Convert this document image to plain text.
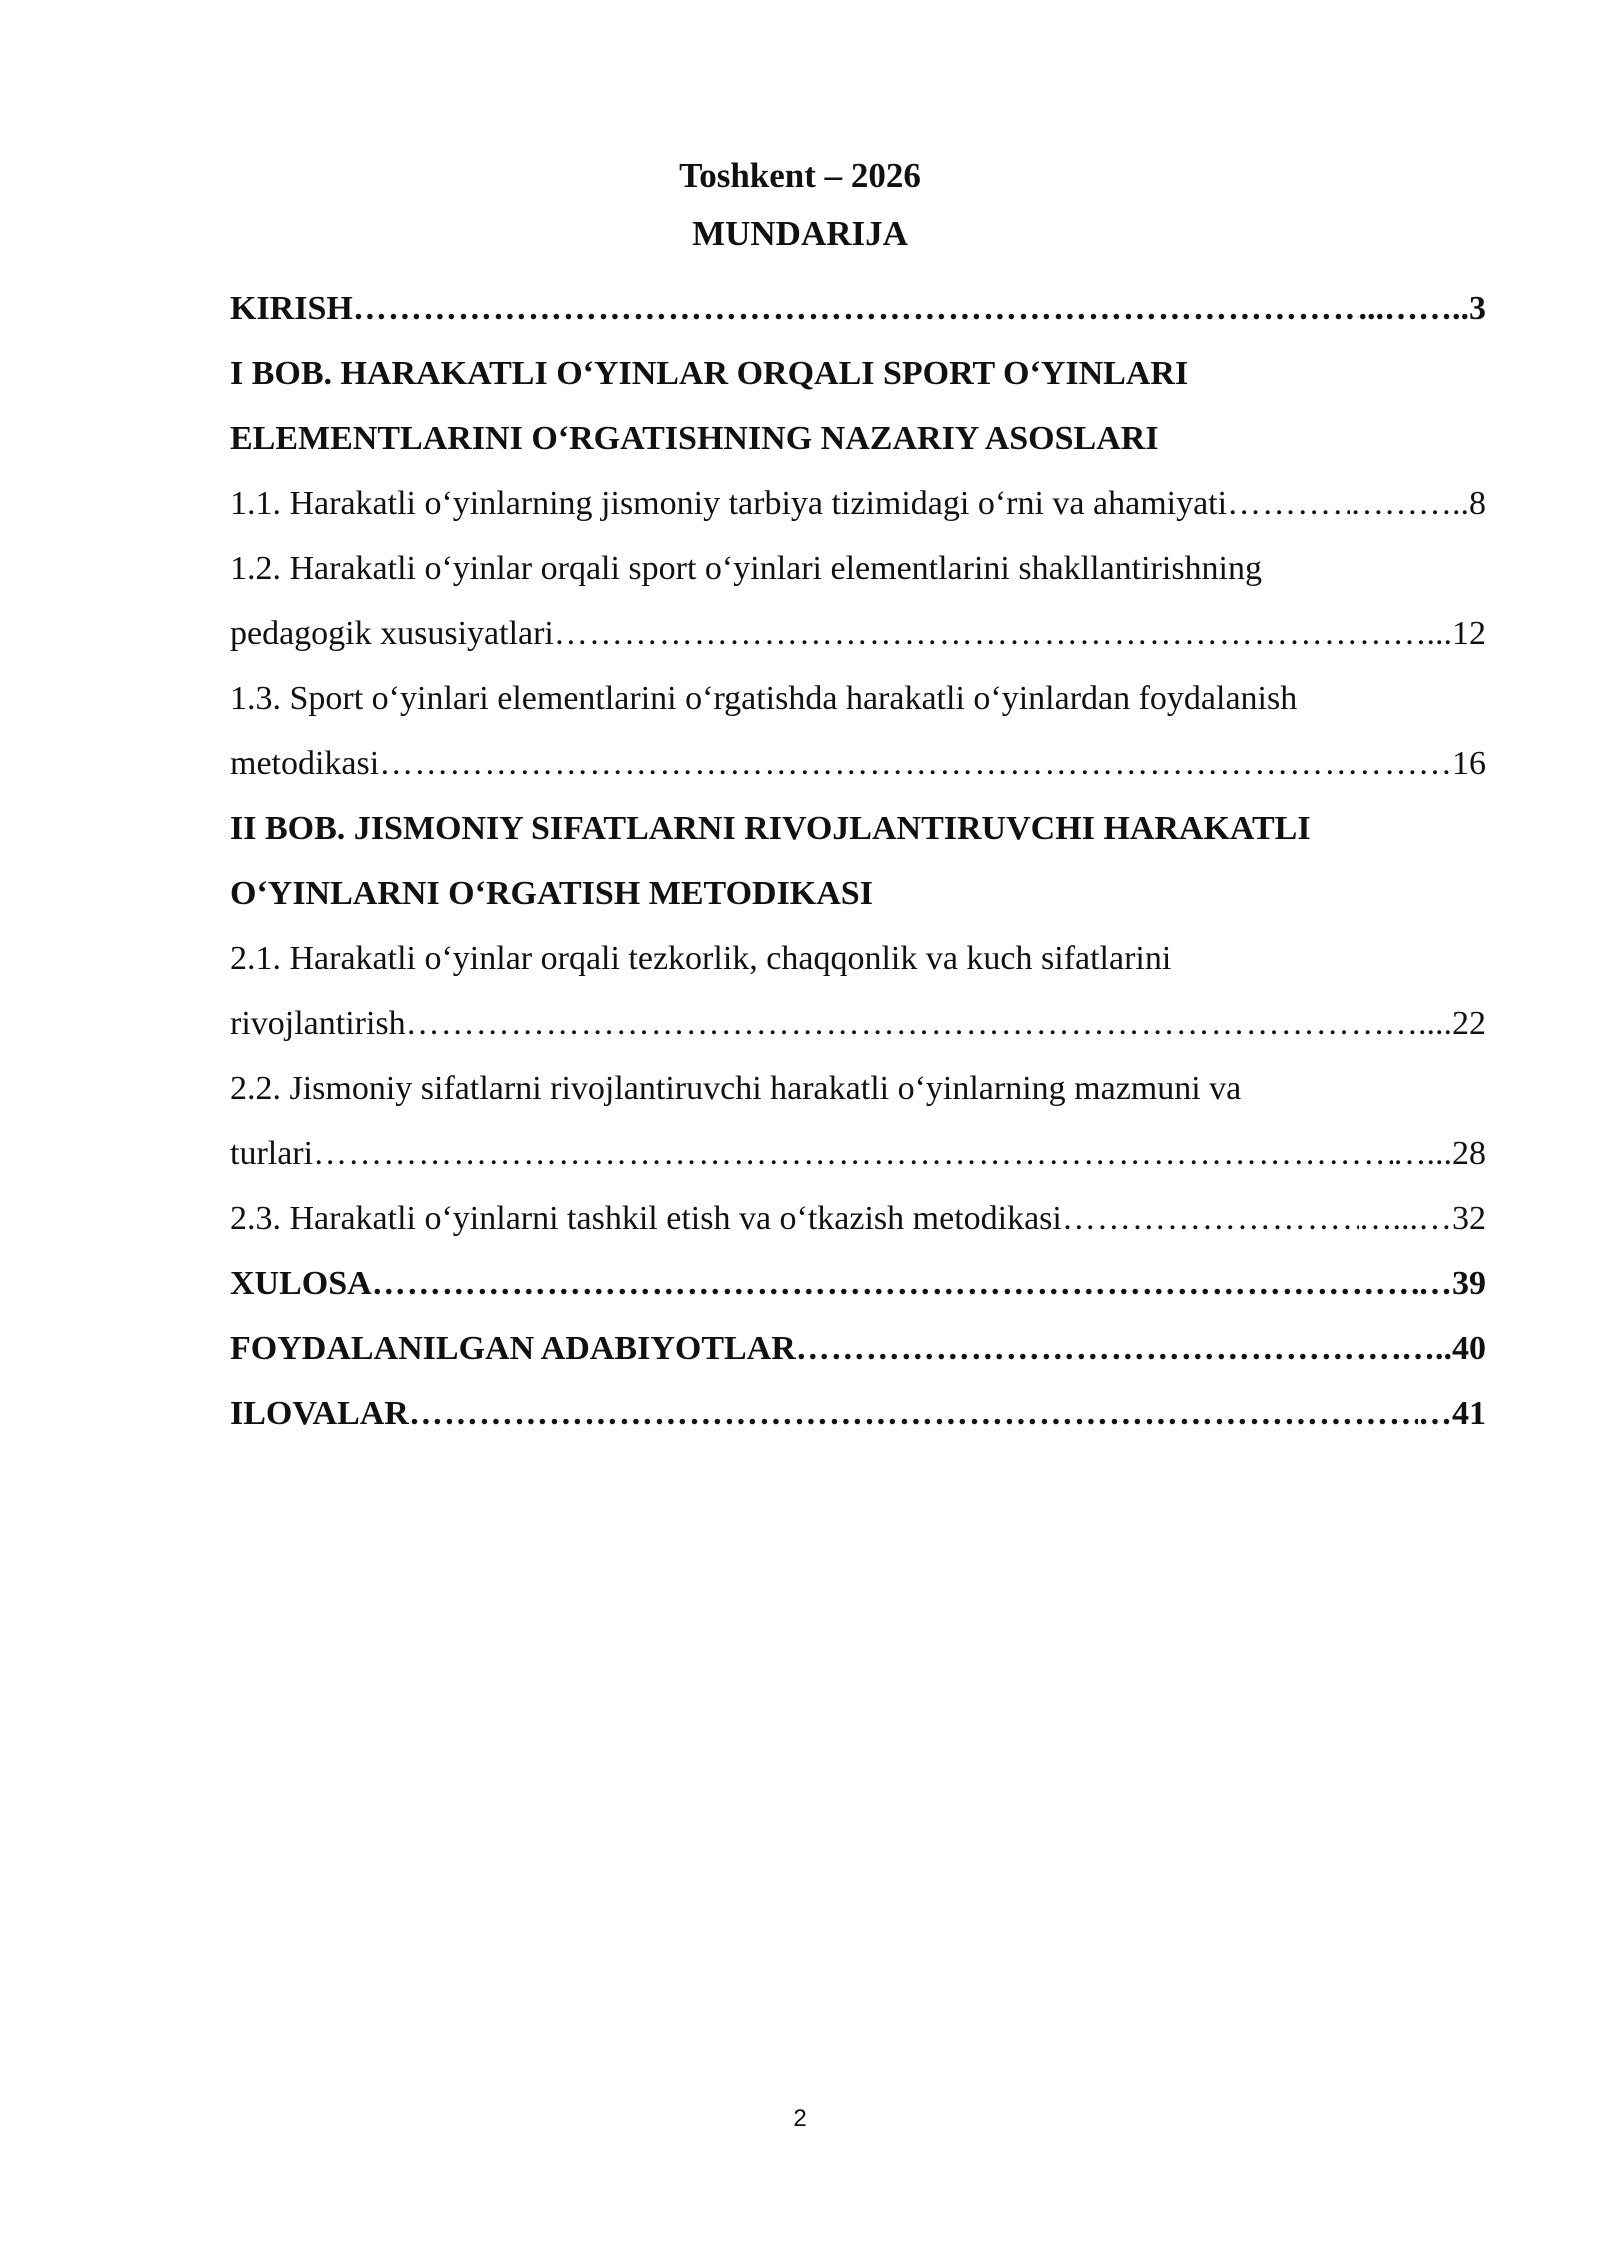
Toshkent – 2026

MUNDARIJA

KIRISH ……………………………………………………………………………………………………………………………………………………………………………………	...…….. 3
I BOB. HARAKATLI O‘YINLAR ORQALI SPORT O‘YINLARI
ELEMENTLARINI O‘RGATISHNING NAZARIY ASOSLARI
1.1. Harakatli o‘yinlarning jismoniy tarbiya tizimidagi o‘rni va ahamiyati ……………………………………………………………………………………………………………………………………………………………………………………	………. .8
1.2. Harakatli o‘yinlar orqali sport o‘yinlari elementlarini shakllantirishning
pedagogik xususiyatlari ……………………………………………………………………………………………………………………………………………………………………………………	…... 12
1.3. Sport o‘yinlari elementlarini o‘rgatishda harakatli o‘yinlardan foydalanish
metodikasi ……………………………………………………………………………………………………………………………………………………………………………………	…… 16
II BOB. JISMONIY SIFATLARNI RIVOJLANTIRUVCHI HARAKATLI
O‘YINLARNI O‘RGATISH METODIKASI
2.1. Harakatli o‘yinlar orqali tezkorlik, chaqqonlik va kuch sifatlarini
rivojlantirish ……………………………………………………………………………………………………………………………………………………………………………………	….... 22
2.2. Jismoniy sifatlarni rivojlantiruvchi harakatli o‘yinlarning mazmuni va
turlari ……………………………………………………………………………………………………………………………………………………………………………………	…... 28
2.3. Harakatli o‘yinlarni tashkil etish va o‘tkazish metodikasi ……………………………………………………………………………………………………………………………………………………………………………………	…...… 32
XULOSA ……………………………………………………………………………………………………………………………………………………………………………………	… 39
FOYDALANILGAN ADABIYOTLAR ……………………………………………………………………………………………………………………………………………………………………………………	….. 40
ILOVALAR ……………………………………………………………………………………………………………………………………………………………………………………	… 41
2
